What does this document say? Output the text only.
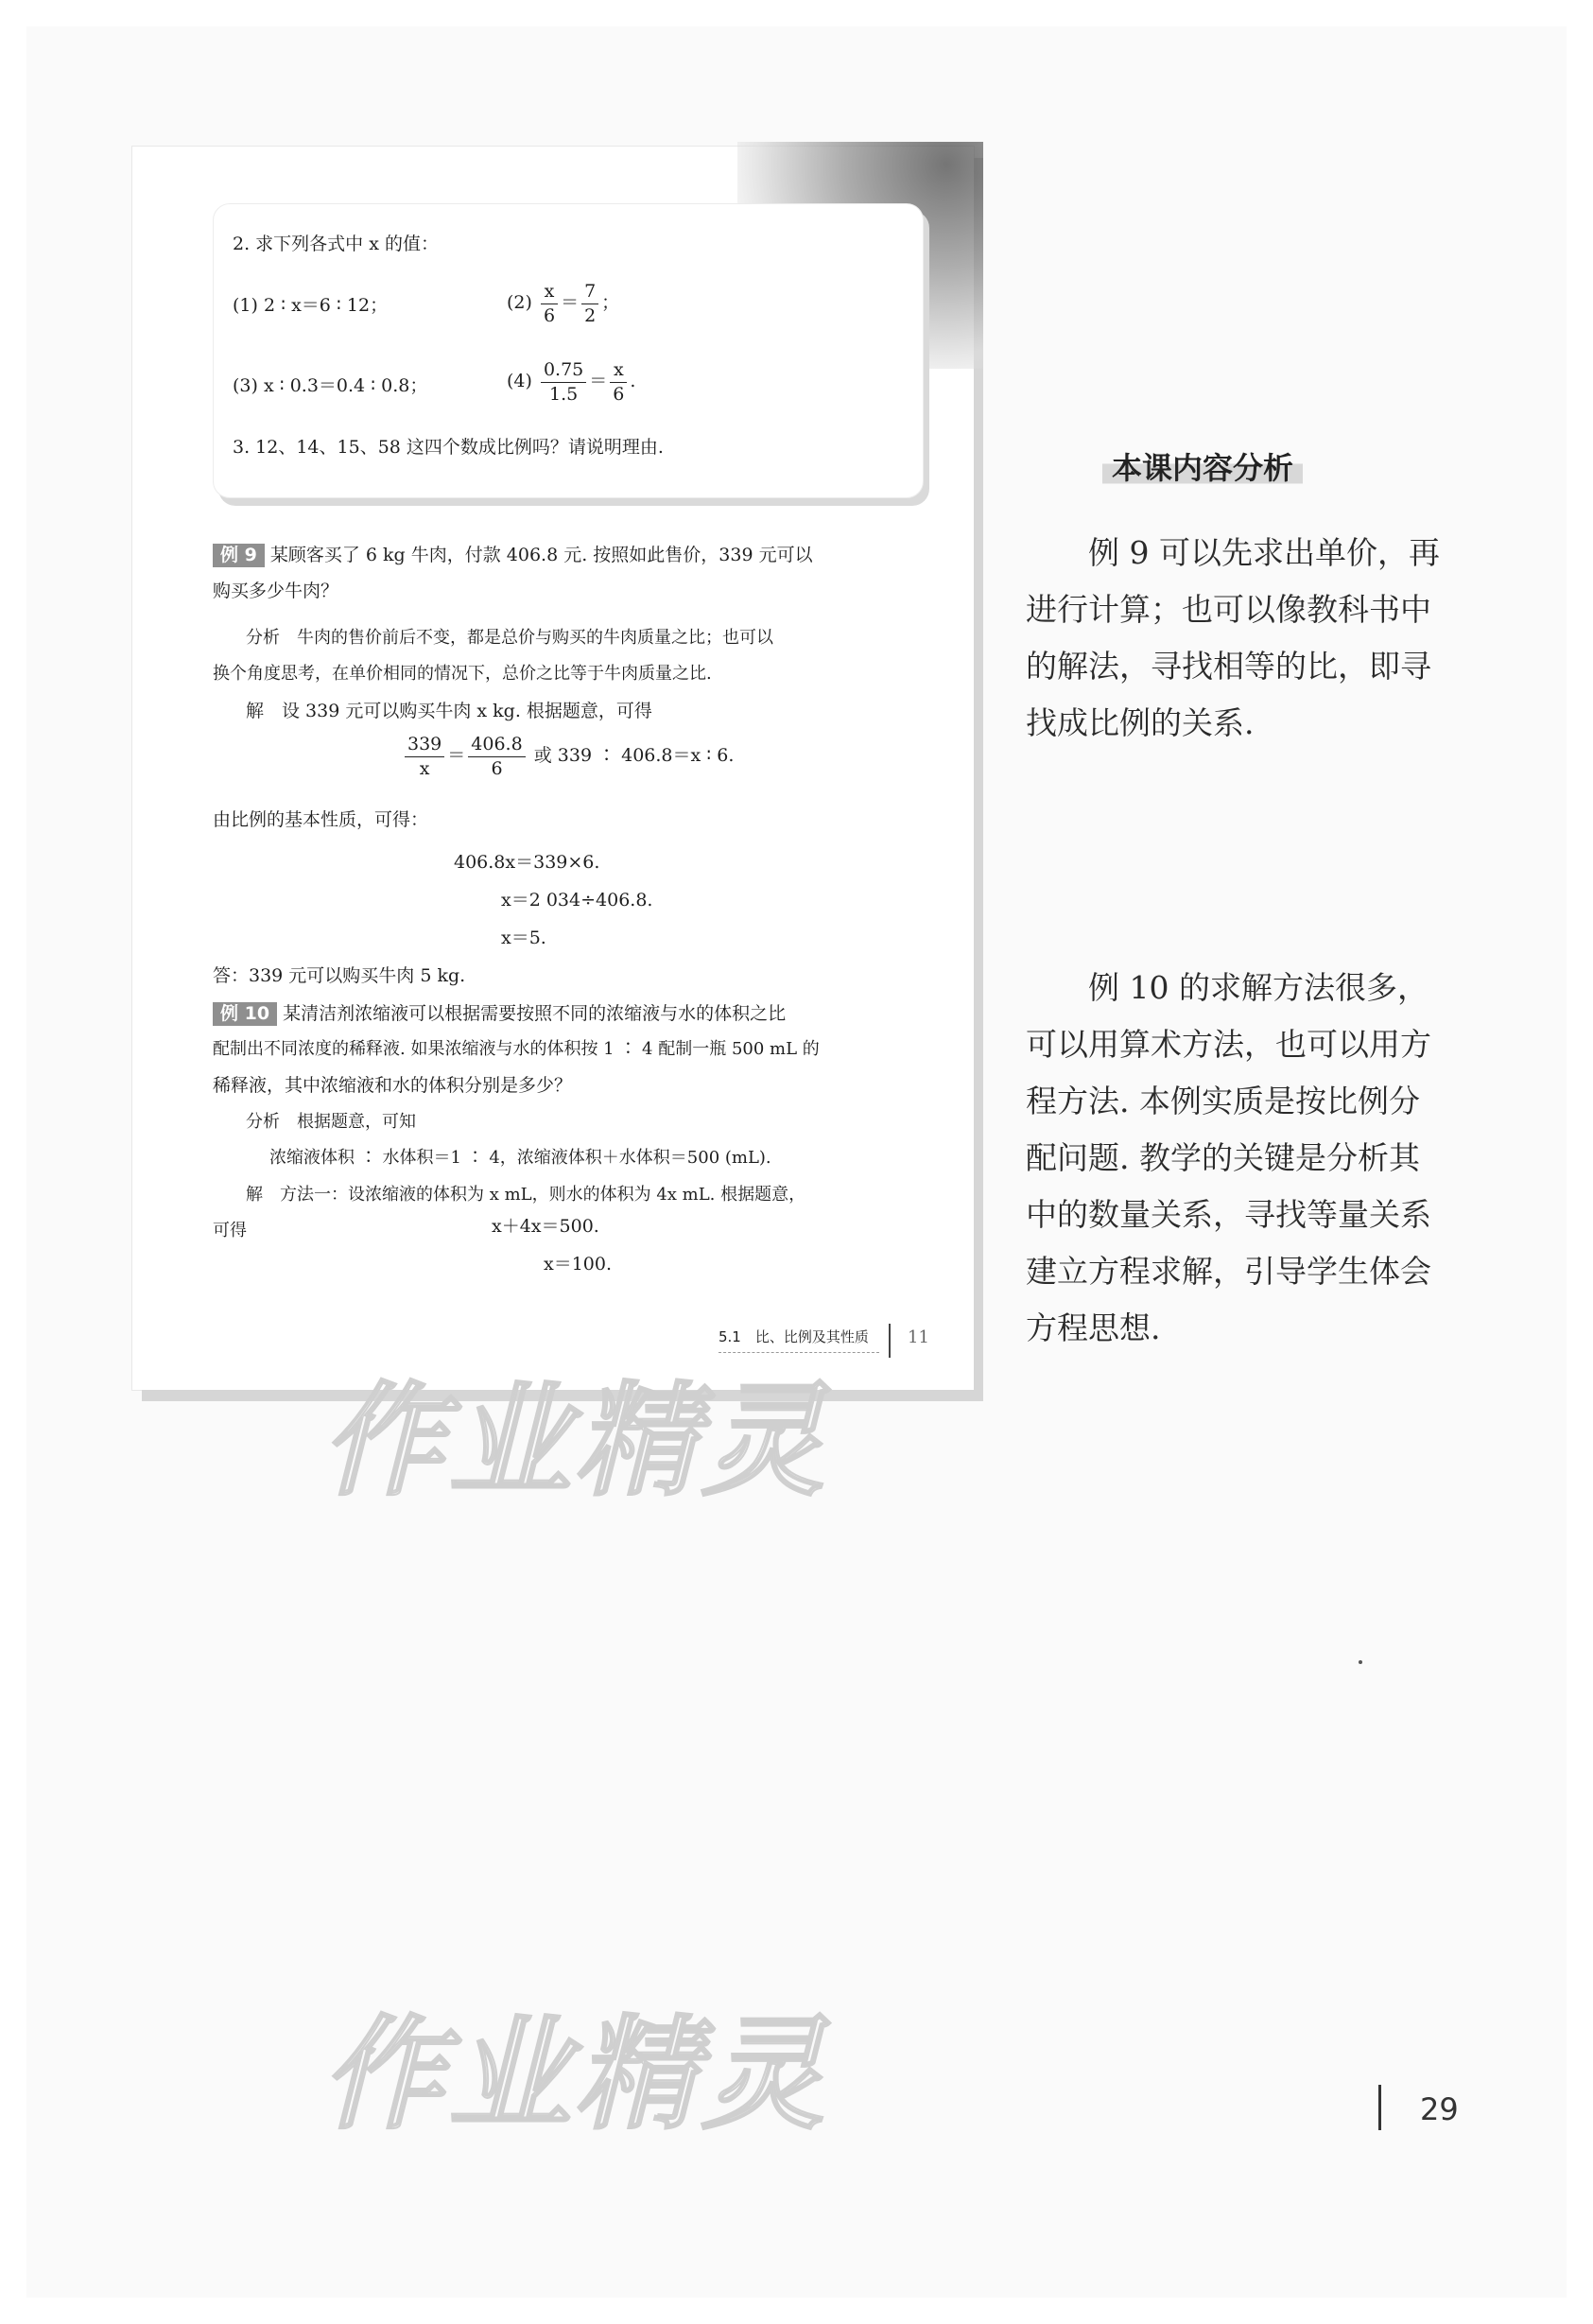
2. 求下列各式中 x 的值：
(1) 2 ∶ x＝6 ∶ 12；	$(2) \frac{x}{6} = \frac{7}{2}$ ；
(3) x ∶ 0.3＝0.4 ∶ 0.8；	$(4) \frac{0.75}{1.5} = \frac{x}{6}$ .
3. 12、14、15、58 这四个数成比例吗？请说明理由.
例 9 某顾客买了 6 kg 牛肉，付款 406.8 元. 按照如此售价，339 元可以
购买多少牛肉？
分析　牛肉的售价前后不变，都是总价与购买的牛肉质量之比；也可以
换个角度思考，在单价相同的情况下，总价之比等于牛肉质量之比.
解　设 339 元可以购买牛肉 x kg. 根据题意，可得
$\frac{339}{x} = \frac{406.8}{6}$ 或 339 ∶ 406.8＝x ∶ 6.
由比例的基本性质，可得：
406.8x＝339×6.
x＝2 034÷406.8.
x＝5.
答：339 元可以购买牛肉 5 kg.
例 10 某清洁剂浓缩液可以根据需要按照不同的浓缩液与水的体积之比
配制出不同浓度的稀释液. 如果浓缩液与水的体积按 1 ∶ 4 配制一瓶 500 mL 的
稀释液，其中浓缩液和水的体积分别是多少？
分析　根据题意，可知
浓缩液体积 ∶ 水体积＝1 ∶ 4，浓缩液体积＋水体积＝500 (mL).
解　方法一：设浓缩液的体积为 x mL，则水的体积为 4x mL. 根据题意，
可得	x＋4x＝500.
x＝100.
5.1　比、比例及其性质 11
作业精灵
作业精灵
本课内容分析
例 9 可以先求出单价，再
进行计算；也可以像教科书中
的解法，寻找相等的比，即寻
找成比例的关系.
例 10 的求解方法很多，
可以用算术方法，也可以用方
程方法. 本例实质是按比例分
配问题. 教学的关键是分析其
中的数量关系，寻找等量关系
建立方程求解，引导学生体会
方程思想.
29
